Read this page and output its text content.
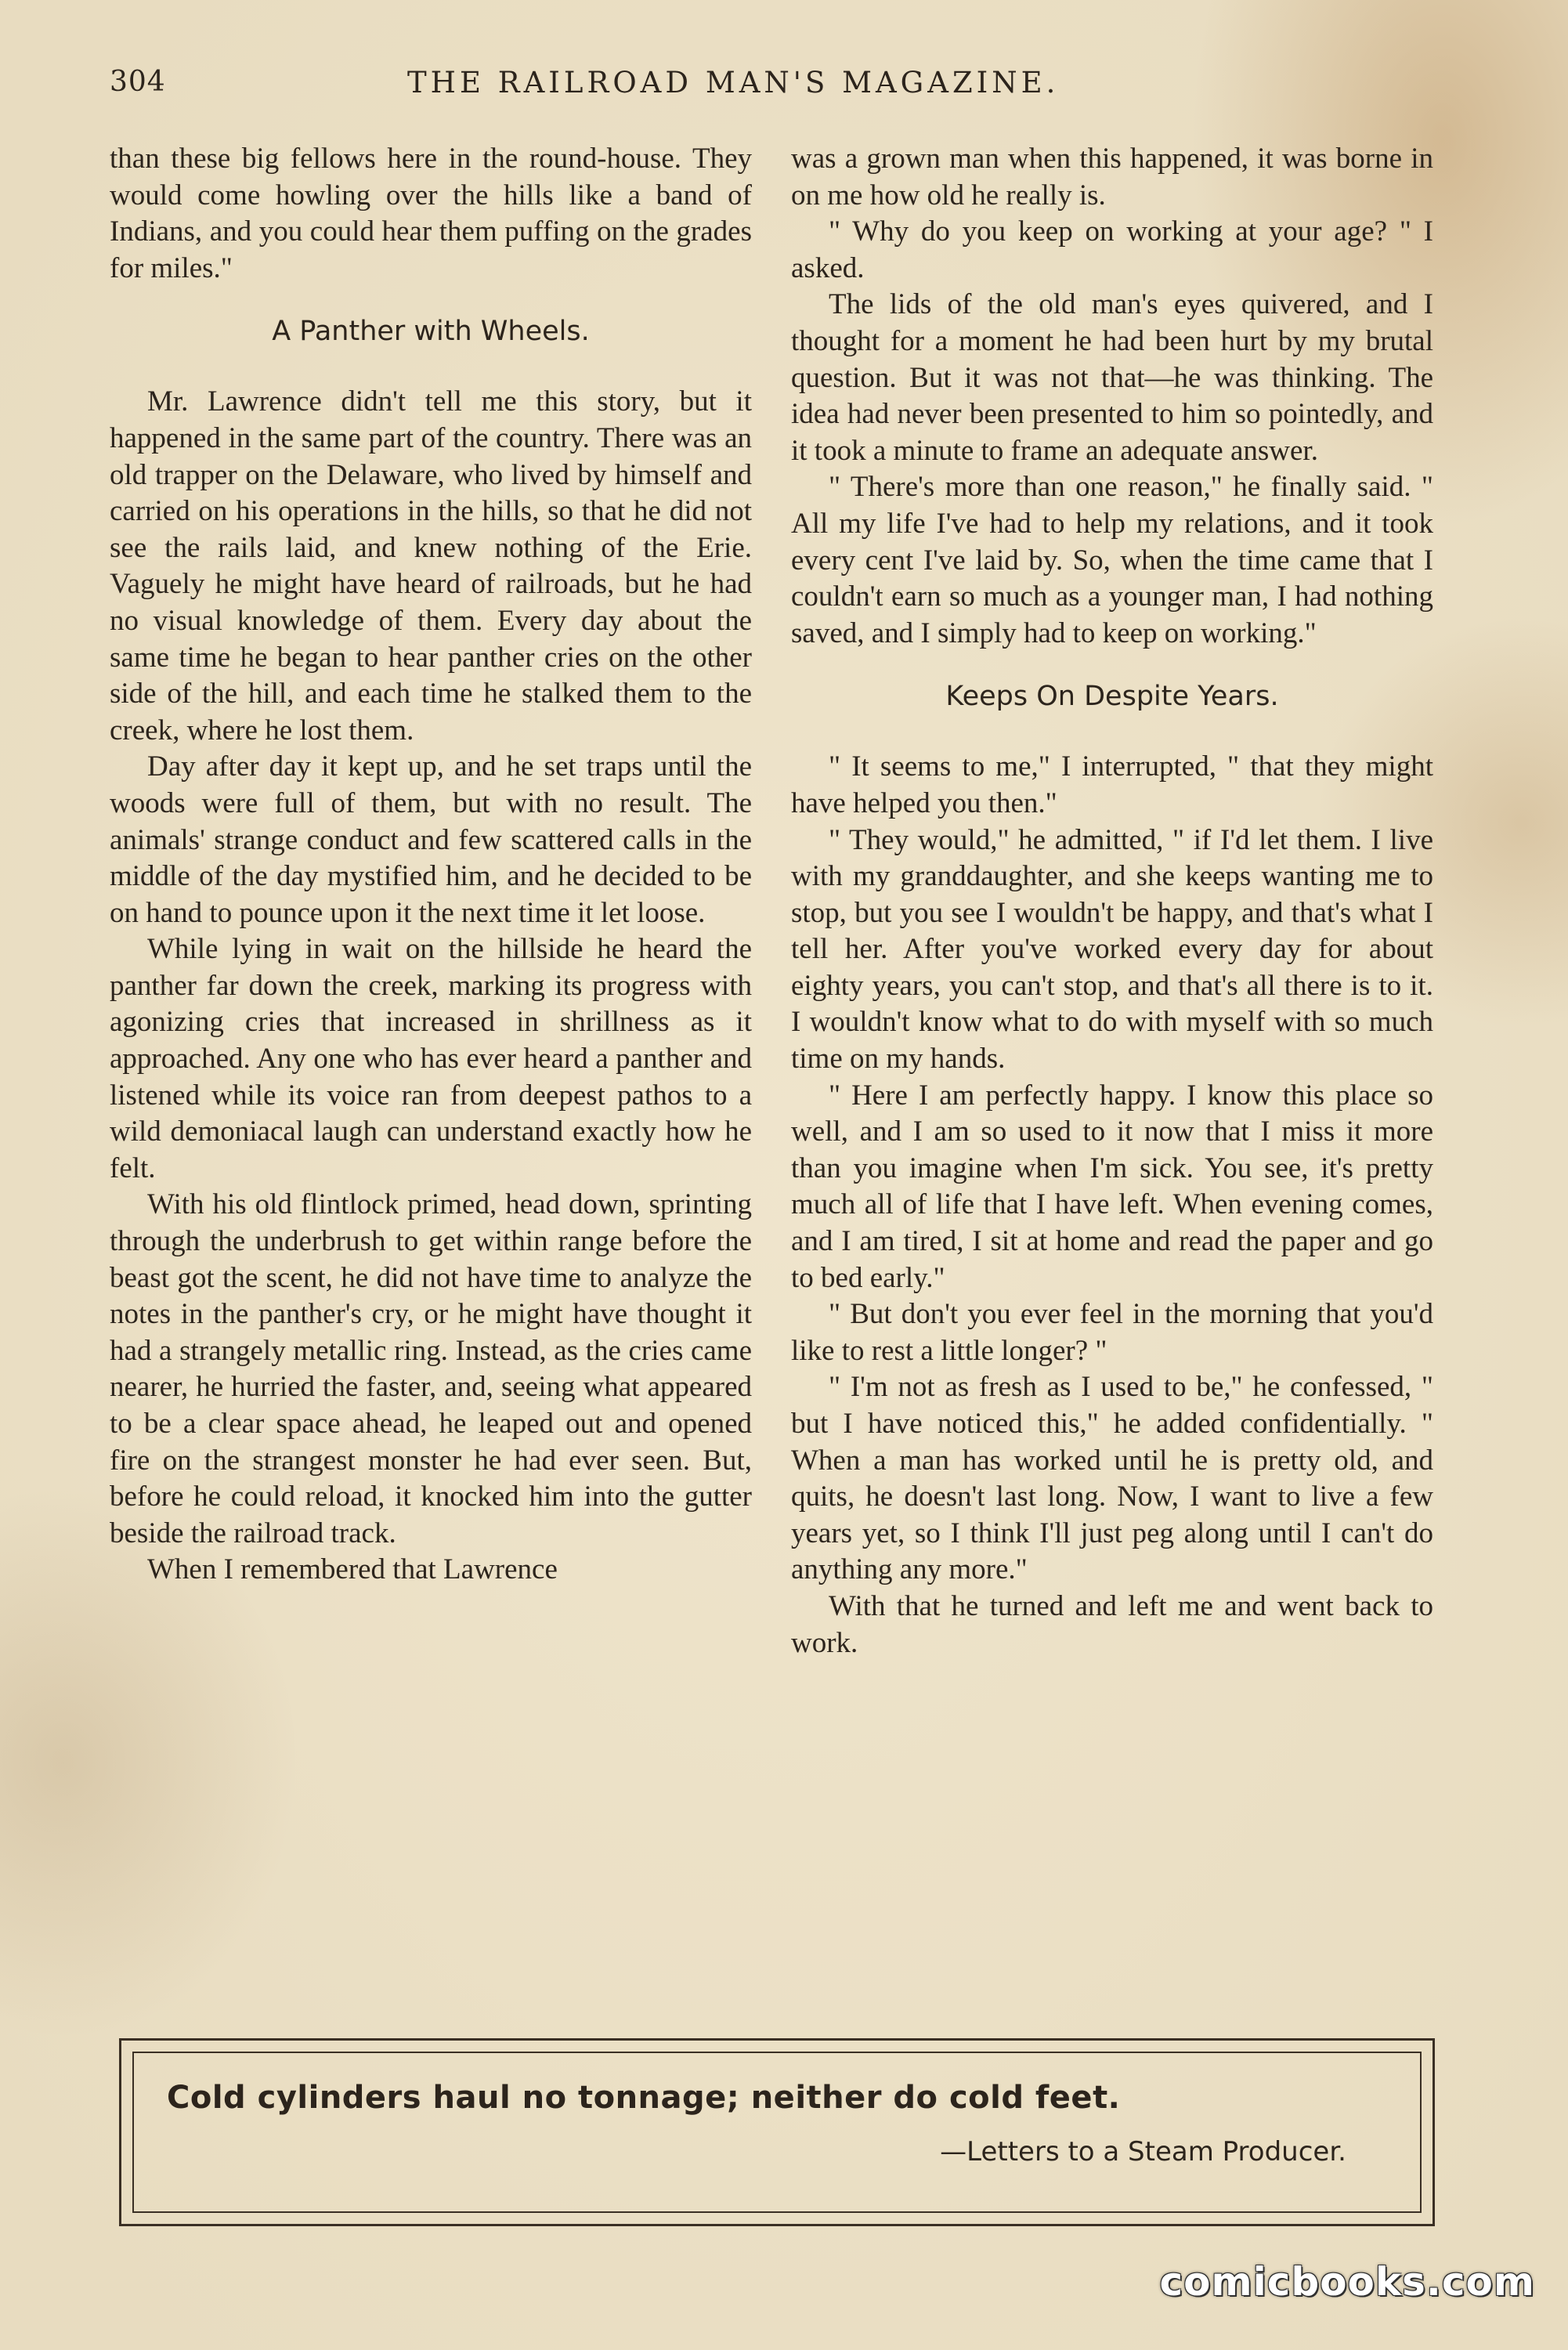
304	THE RAILROAD MAN'S MAGAZINE.

than these big fellows here in the round-house. They would come howling over the hills like a band of Indians, and you could hear them puffing on the grades for miles."

A Panther with Wheels.

Mr. Lawrence didn't tell me this story, but it happened in the same part of the country. There was an old trapper on the Delaware, who lived by himself and carried on his operations in the hills, so that he did not see the rails laid, and knew nothing of the Erie. Vaguely he might have heard of railroads, but he had no visual knowledge of them. Every day about the same time he began to hear panther cries on the other side of the hill, and each time he stalked them to the creek, where he lost them.

Day after day it kept up, and he set traps until the woods were full of them, but with no result. The animals' strange conduct and few scattered calls in the middle of the day mystified him, and he decided to be on hand to pounce upon it the next time it let loose.

While lying in wait on the hillside he heard the panther far down the creek, marking its progress with agonizing cries that increased in shrillness as it approached. Any one who has ever heard a panther and listened while its voice ran from deepest pathos to a wild demoniacal laugh can understand exactly how he felt.

With his old flintlock primed, head down, sprinting through the underbrush to get within range before the beast got the scent, he did not have time to analyze the notes in the panther's cry, or he might have thought it had a strangely metallic ring. Instead, as the cries came nearer, he hurried the faster, and, seeing what appeared to be a clear space ahead, he leaped out and opened fire on the strangest monster he had ever seen. But, before he could reload, it knocked him into the gutter beside the railroad track.

When I remembered that Lawrence

was a grown man when this happened, it was borne in on me how old he really is.

" Why do you keep on working at your age? " I asked.

The lids of the old man's eyes quivered, and I thought for a moment he had been hurt by my brutal question. But it was not that—he was thinking. The idea had never been presented to him so pointedly, and it took a minute to frame an adequate answer.

" There's more than one reason," he finally said. " All my life I've had to help my relations, and it took every cent I've laid by. So, when the time came that I couldn't earn so much as a younger man, I had nothing saved, and I simply had to keep on working."

Keeps On Despite Years.

" It seems to me," I interrupted, " that they might have helped you then."

" They would," he admitted, " if I'd let them. I live with my granddaughter, and she keeps wanting me to stop, but you see I wouldn't be happy, and that's what I tell her. After you've worked every day for about eighty years, you can't stop, and that's all there is to it. I wouldn't know what to do with myself with so much time on my hands.

" Here I am perfectly happy. I know this place so well, and I am so used to it now that I miss it more than you imagine when I'm sick. You see, it's pretty much all of life that I have left. When evening comes, and I am tired, I sit at home and read the paper and go to bed early."

" But don't you ever feel in the morning that you'd like to rest a little longer? "

" I'm not as fresh as I used to be," he confessed, " but I have noticed this," he added confidentially. " When a man has worked until he is pretty old, and quits, he doesn't last long. Now, I want to live a few years yet, so I think I'll just peg along until I can't do anything any more."

With that he turned and left me and went back to work.

Cold cylinders haul no tonnage; neither do cold feet.
—Letters to a Steam Producer.
comicbooks.com
